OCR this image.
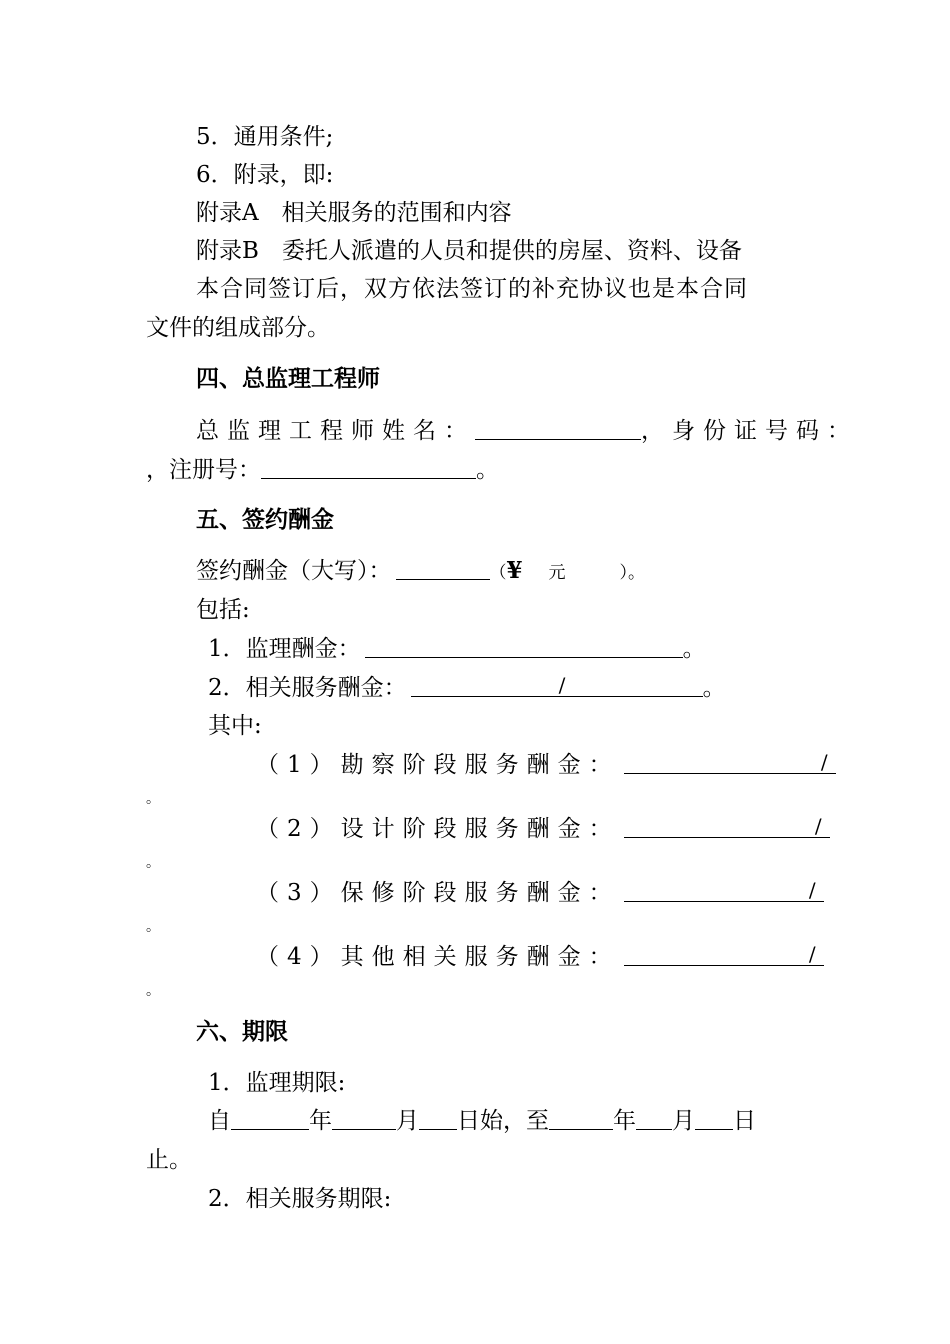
5．通用条件;
6．附录，即:
附录A　相关服务的范围和内容
附录B　委托人派遣的人员和提供的房屋、资料、设备
本合同签订后，双方依法签订的补充协议也是本合同
文件的组成部分。
四、总监理工程师
总监理工程师姓名：	，身份证号码：
，注册号：	。
五、签约酬金
签约酬金（大写）：	（¥ 元	）。
包括:
1．监理酬金：	。
2．相关服务酬金：	/	。
其中:
（1）勘察阶段服务酬金：	/
。
（2）设计阶段服务酬金：	/
。
（3）保修阶段服务酬金：	/
。
（4）其他相关服务酬金：	/
。
六、期限
1．监理期限:
自	年	月 日始，至	年 月 日
止。
2．相关服务期限:
